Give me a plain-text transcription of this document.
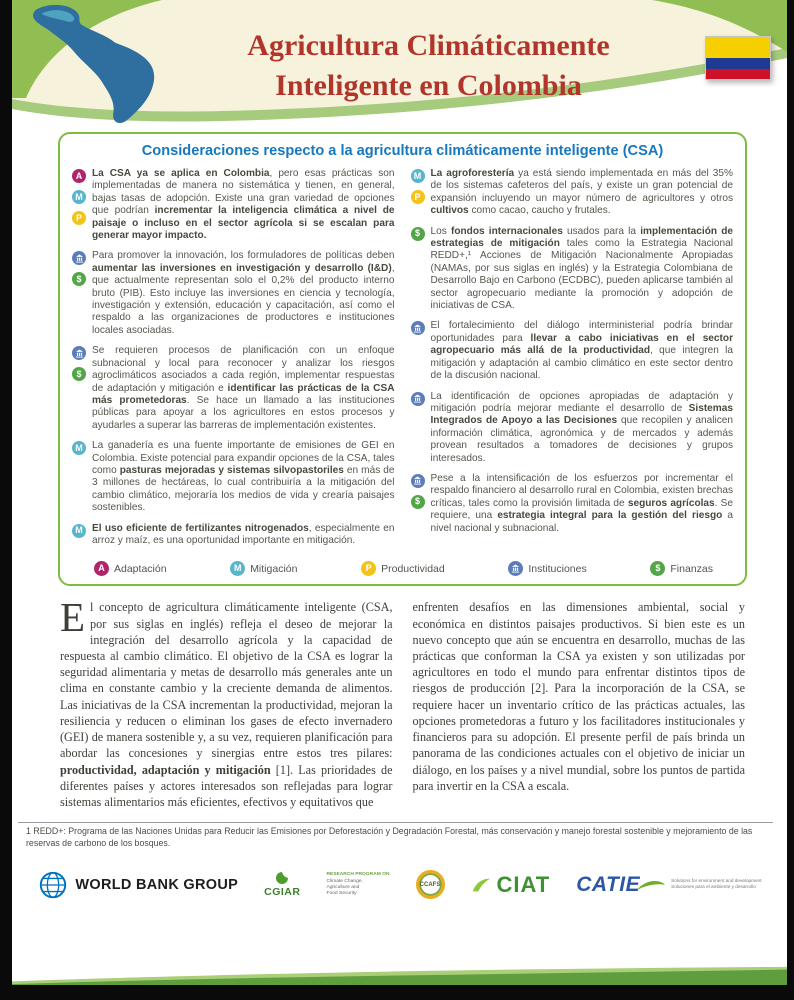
Agricultura Climáticamente
Inteligente en Colombia
Consideraciones respecto a la agricultura climáticamente inteligente (CSA)
A
M
P
La CSA ya se aplica en Colombia, pero esas prácticas son implementadas de manera no sistemática y tienen, en general, bajas tasas de adopción. Existe una gran variedad de opciones que podrían incrementar la inteligencia climática a nivel de paisaje o incluso en el sector agrícola si se escalan para generar mayor impacto.
$
Para promover la innovación, los formuladores de políticas deben aumentar las inversiones en investigación y desarrollo (I&D), que actualmente representan solo el 0,2% del producto interno bruto (PIB). Esto incluye las inversiones en ciencia y tecnología, investigación y extensión, educación y capacitación, así como el respaldo a las organizaciones de productores e instituciones locales asociadas.
$
Se requieren procesos de planificación con un enfoque subnacional y local para reconocer y analizar los riesgos agroclimáticos asociados a cada región, implementar respuestas de adaptación y mitigación e identificar las prácticas de la CSA más prometedoras. Se hace un llamado a las instituciones públicas para apoyar a los agricultores en estos procesos y ayudarles a superar las barreras de implementación existentes.
M La ganadería es una fuente importante de emisiones de GEI en Colombia. Existe potencial para expandir opciones de la CSA, tales como pasturas mejoradas y sistemas silvopastoriles en más de 3 millones de hectáreas, lo cual contribuiría a la mitigación del cambio climático, mejoraría los medios de vida y crearía paisajes sostenibles.
M El uso eficiente de fertilizantes nitrogenados, especialmente en arroz y maíz, es una oportunidad importante en mitigación.
M
P
La agroforestería ya está siendo implementada en más del 35% de los sistemas cafeteros del país, y existe un gran potencial de expansión incluyendo un mayor número de agricultores y otros cultivos como cacao, caucho y frutales.
$	Los fondos internacionales usados para la implementación de estrategias de mitigación tales como la Estrategia Nacional REDD+,¹ Acciones de Mitigación Nacionalmente Apropiadas (NAMAs, por sus siglas en inglés) y la Estrategia Colombiana de Desarrollo Bajo en Carbono (ECDBC), pueden aplicarse también al sector agropecuario mediante la promoción y adopción de iniciativas de CSA.
El fortalecimiento del diálogo interministerial podría brindar oportunidades para llevar a cabo iniciativas en el sector agropecuario más allá de la productividad, que integren la mitigación y adaptación al cambio climático en este sector dentro de la discusión nacional.
La identificación de opciones apropiadas de adaptación y mitigación podría mejorar mediante el desarrollo de Sistemas Integrados de Apoyo a las Decisiones que recopilen y analicen información climática, agronómica y de mercados y además provean resultados a tomadores de decisiones y grupos interesados.
$
Pese a la intensificación de los esfuerzos por incrementar el respaldo financiero al desarrollo rural en Colombia, existen brechas críticas, tales como la provisión limitada de seguros agrícolas. Se requiere, una estrategia integral para la gestión del riesgo a nivel nacional y subnacional.
A Adaptación	M Mitigación	P Productividad	Instituciones	$ Finanzas
El concepto de agricultura climáticamente inteligente (CSA, por sus siglas en inglés) refleja el deseo de mejorar la integración del desarrollo agrícola y la capacidad de respuesta al cambio climático. El objetivo de la CSA es lograr la seguridad alimentaria y metas de desarrollo más generales ante un clima en constante cambio y la creciente demanda de alimentos. Las iniciativas de la CSA incrementan la productividad, mejoran la resiliencia y reducen o eliminan los gases de efecto invernadero (GEI) de manera sostenible y, a su vez, requieren planificación para abordar las concesiones y sinergias entre estos tres pilares: productividad, adaptación y mitigación [1]. Las prioridades de diferentes países y actores interesados son reflejadas para lograr sistemas alimentarios más eficientes, efectivos y equitativos que
enfrenten desafíos en las dimensiones ambiental, social y económica en distintos paisajes productivos. Si bien este es un nuevo concepto que aún se encuentra en desarrollo, muchas de las prácticas que conforman la CSA ya existen y son utilizadas por agricultores en todo el mundo para enfrentar distintos tipos de riesgos de producción [2]. Para la incorporación de la CSA, se requiere hacer un inventario crítico de las prácticas actuales, las opciones prometedoras a futuro y los facilitadores institucionales y financieros para su adopción. El presente perfil de país brinda un panorama de las condiciones actuales con el objetivo de iniciar un diálogo, en los países y a nivel mundial, sobre los puntos de partida para invertir en la CSA a escala.
1 REDD+: Programa de las Naciones Unidas para Reducir las Emisiones por Deforestación y Degradación Forestal, más conservación y manejo forestal sostenible y mejoramiento de las reservas de carbono de los bosques.
WORLD BANK GROUP CGIAR
RESEARCH PROGRAM ON
Climate Change,
Agriculture and
Food Security
CCAFS	CIAT CATIE	Solutions for environment and development
Soluciones para el ambiente y desarrollo
